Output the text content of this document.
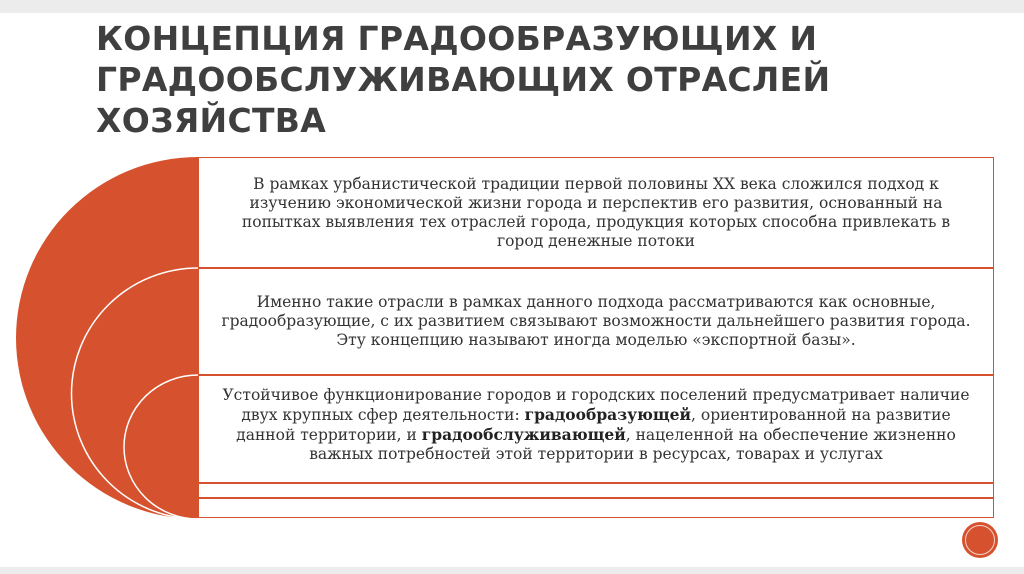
КОНЦЕПЦИЯ ГРАДООБРАЗУЮЩИХ И
ГРАДООБСЛУЖИВАЮЩИХ ОТРАСЛЕЙ
ХОЗЯЙСТВА

В рамках урбанистической традиции первой половины XX века сложился подход к изучению экономической жизни города и перспектив его развития, основанный на попытках выявления тех отраслей города, продукция которых способна привлекать в город денежные потоки

Именно такие отрасли в рамках данного подхода рассматриваются как основные, градообразующие, с их развитием связывают возможности дальнейшего развития города. Эту концепцию называют иногда моделью «экспортной базы».

Устойчивое функционирование городов и городских поселений предусматривает наличие двух крупных сфер деятельности: градообразующей, ориентированной на развитие данной территории, и градообслуживающей, нацеленной на обеспечение жизненно важных потребностей этой территории в ресурсах, товарах и услугах
